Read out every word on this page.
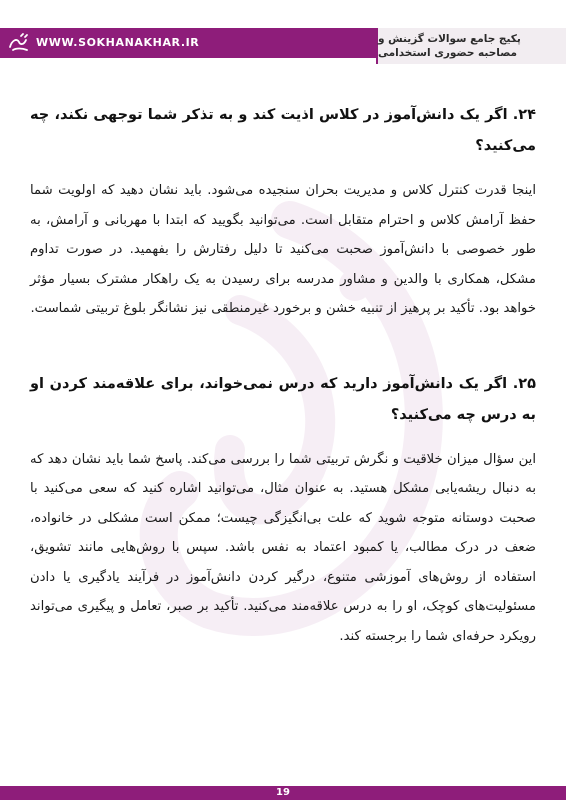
WWW.SOKHANAKHAR.IR	پکیج جامع سوالات گزینش و
مصاحبه حضوری استخدامی

۲۴. اگر یک دانش‌آموز در کلاس اذیت کند و به تذکر شما توجهی نکند، چه می‌کنید؟

اینجا قدرت کنترل کلاس و مدیریت بحران سنجیده می‌شود. باید نشان دهید که اولویت شما حفظ آرامش کلاس و احترام متقابل است. می‌توانید بگویید که ابتدا با مهربانی و آرامش، به طور خصوصی با دانش‌آموز صحبت می‌کنید تا دلیل رفتارش را بفهمید. در صورت تداوم مشکل، همکاری با والدین و مشاور مدرسه برای رسیدن به یک راهکار مشترک بسیار مؤثر خواهد بود. تأکید بر پرهیز از تنبیه خشن و برخورد غیرمنطقی نیز نشانگر بلوغ تربیتی شماست.

۲۵. اگر یک دانش‌آموز دارید که درس نمی‌خواند، برای علاقه‌مند کردن او به درس چه می‌کنید؟

این سؤال میزان خلاقیت و نگرش تربیتی شما را بررسی می‌کند. پاسخ شما باید نشان دهد که به دنبال ریشه‌یابی مشکل هستید. به عنوان مثال، می‌توانید اشاره کنید که سعی می‌کنید با صحبت دوستانه متوجه شوید که علت بی‌انگیزگی چیست؛ ممکن است مشکلی در خانواده، ضعف در درک مطالب، یا کمبود اعتماد به نفس باشد. سپس با روش‌هایی مانند تشویق، استفاده از روش‌های آموزشی متنوع، درگیر کردن دانش‌آموز در فرآیند یادگیری یا دادن مسئولیت‌های کوچک، او را به درس علاقه‌مند می‌کنید. تأکید بر صبر، تعامل و پیگیری می‌تواند رویکرد حرفه‌ای شما را برجسته کند.

19
